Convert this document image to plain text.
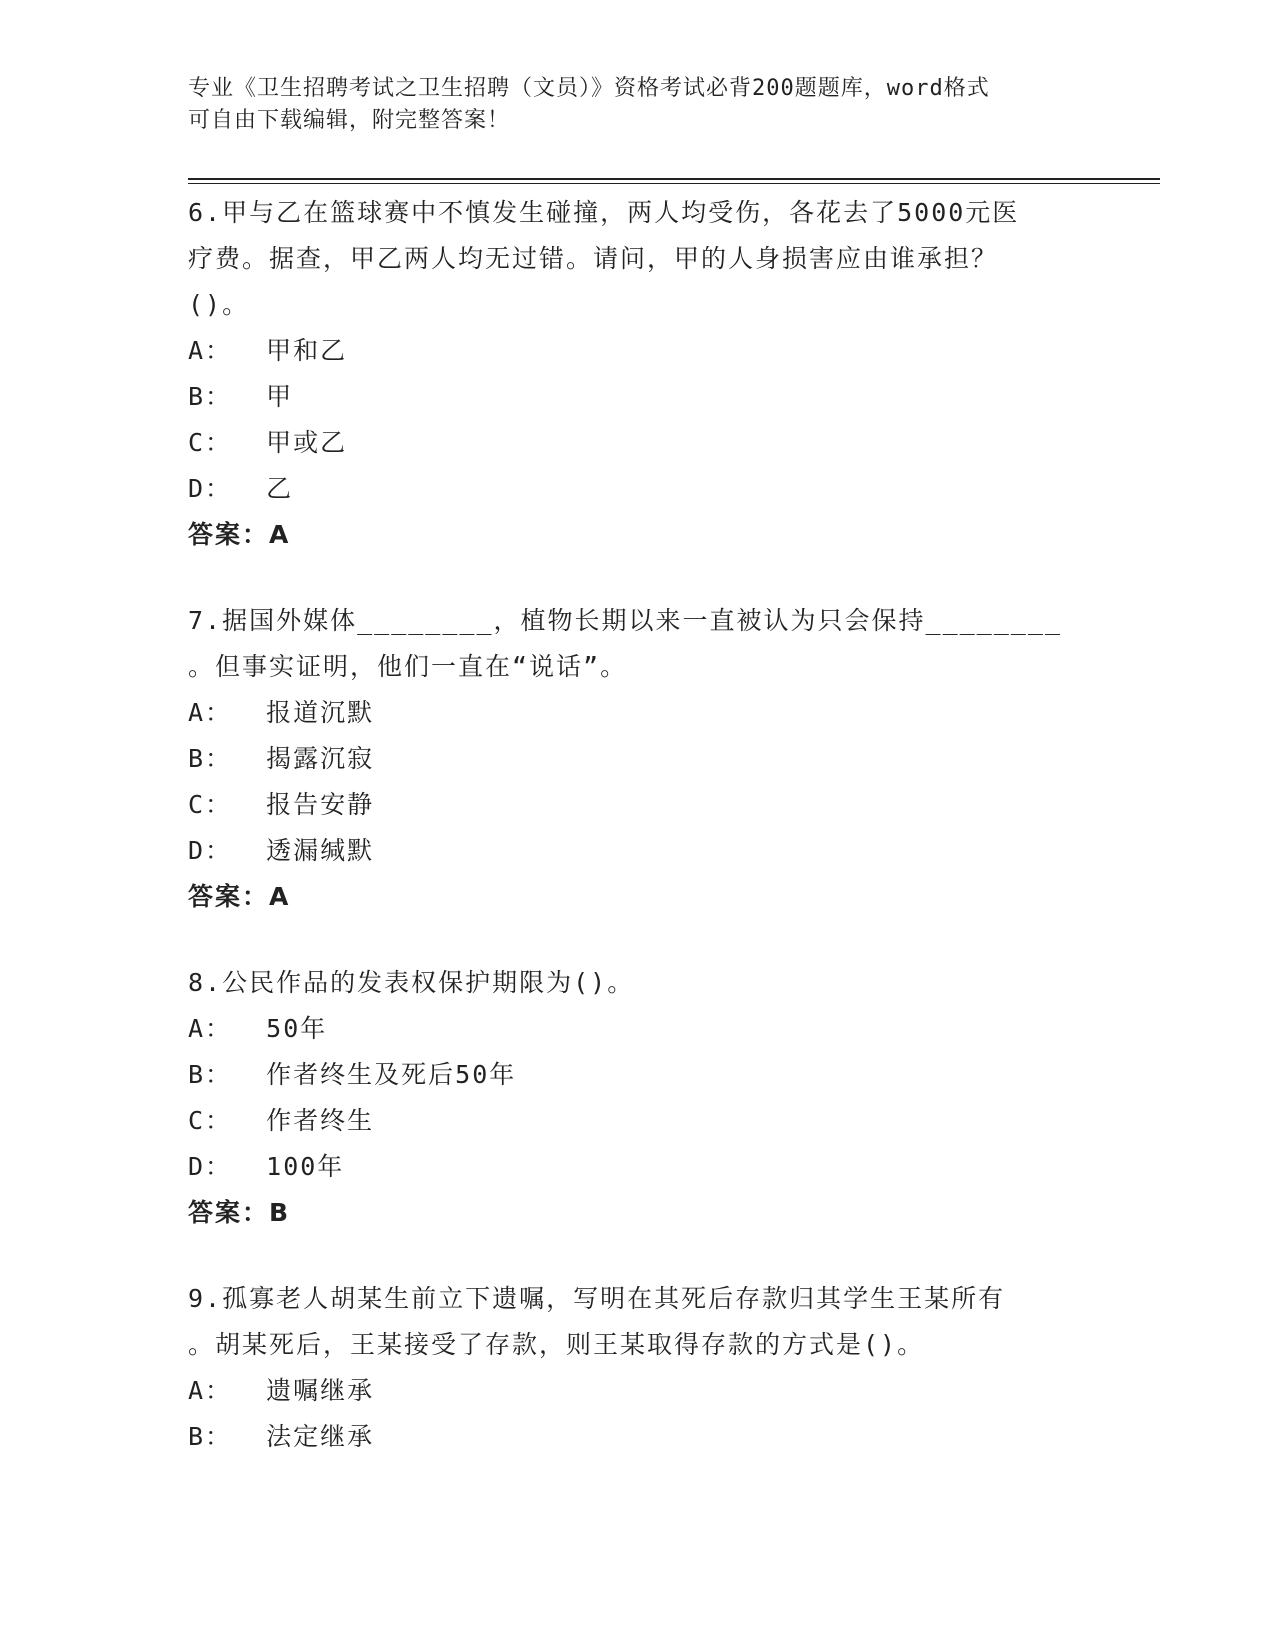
专业《卫生招聘考试之卫生招聘（文员）》资格考试必背200题题库，word格式
可自由下载编辑，附完整答案！

6.甲与乙在篮球赛中不慎发生碰撞，两人均受伤，各花去了5000元医

疗费。据查，甲乙两人均无过错。请问，甲的人身损害应由谁承担？

()。

A：  甲和乙

B：  甲

C：  甲或乙

D：  乙

答案：A

7.据国外媒体________，植物长期以来一直被认为只会保持________

。但事实证明，他们一直在“说话”。

A：  报道沉默

B：  揭露沉寂

C：  报告安静

D：  透漏缄默

答案：A

8.公民作品的发表权保护期限为()。

A：  50年

B：  作者终生及死后50年

C：  作者终生

D：  100年

答案：B

9.孤寡老人胡某生前立下遗嘱，写明在其死后存款归其学生王某所有

。胡某死后，王某接受了存款，则王某取得存款的方式是()。

A：  遗嘱继承

B：  法定继承
